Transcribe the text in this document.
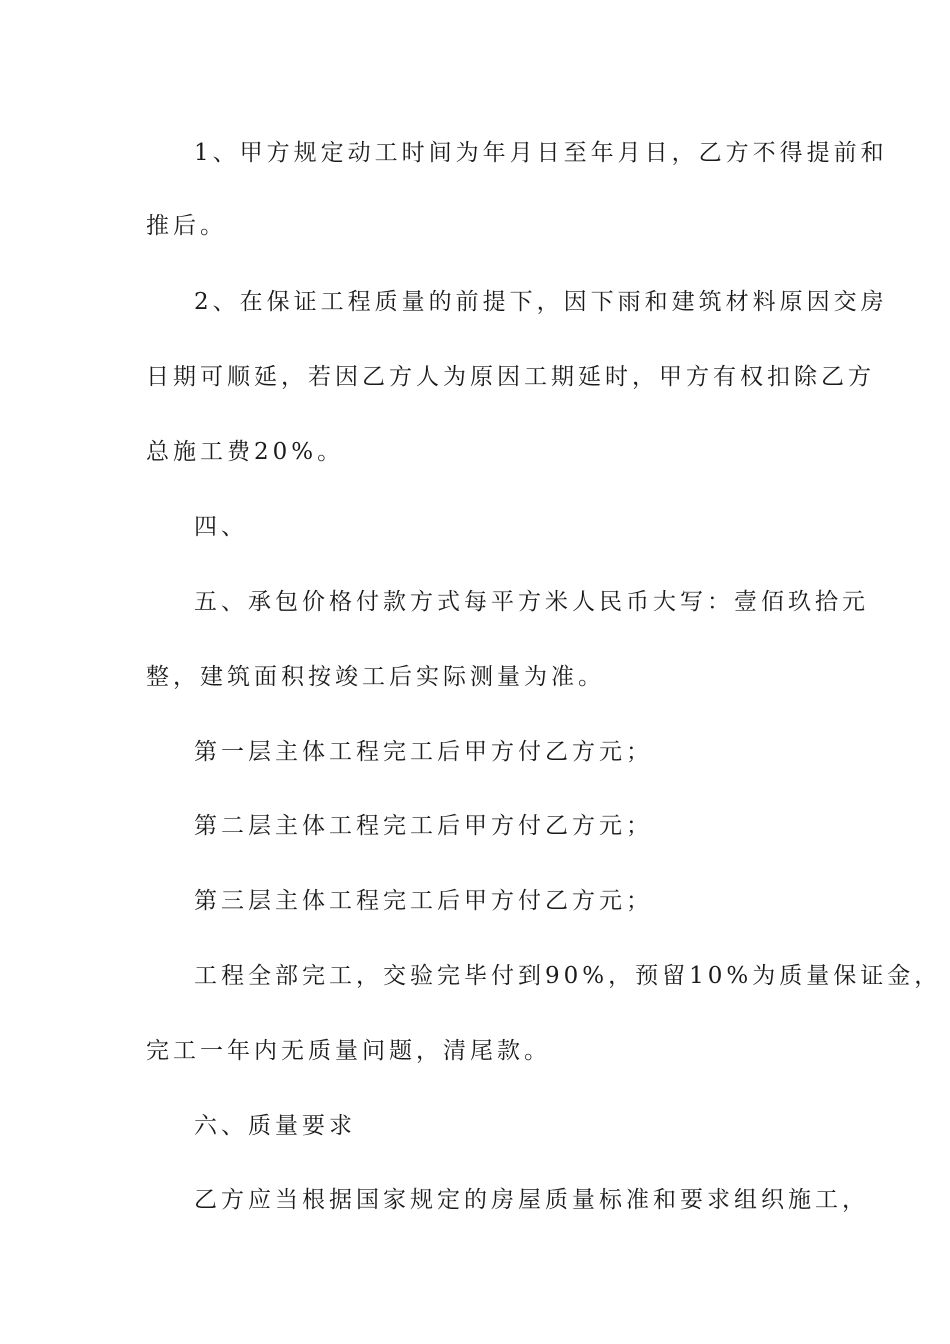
1、甲方规定动工时间为年月日至年月日，乙方不得提前和
推后。
2、在保证工程质量的前提下，因下雨和建筑材料原因交房
日期可顺延，若因乙方人为原因工期延时，甲方有权扣除乙方
总施工费20%。
四、
五、承包价格付款方式每平方米人民币大写：壹佰玖拾元
整，建筑面积按竣工后实际测量为准。
第一层主体工程完工后甲方付乙方元；
第二层主体工程完工后甲方付乙方元；
第三层主体工程完工后甲方付乙方元；
工程全部完工，交验完毕付到90%，预留10%为质量保证金，
完工一年内无质量问题，清尾款。
六、质量要求
乙方应当根据国家规定的房屋质量标准和要求组织施工，
